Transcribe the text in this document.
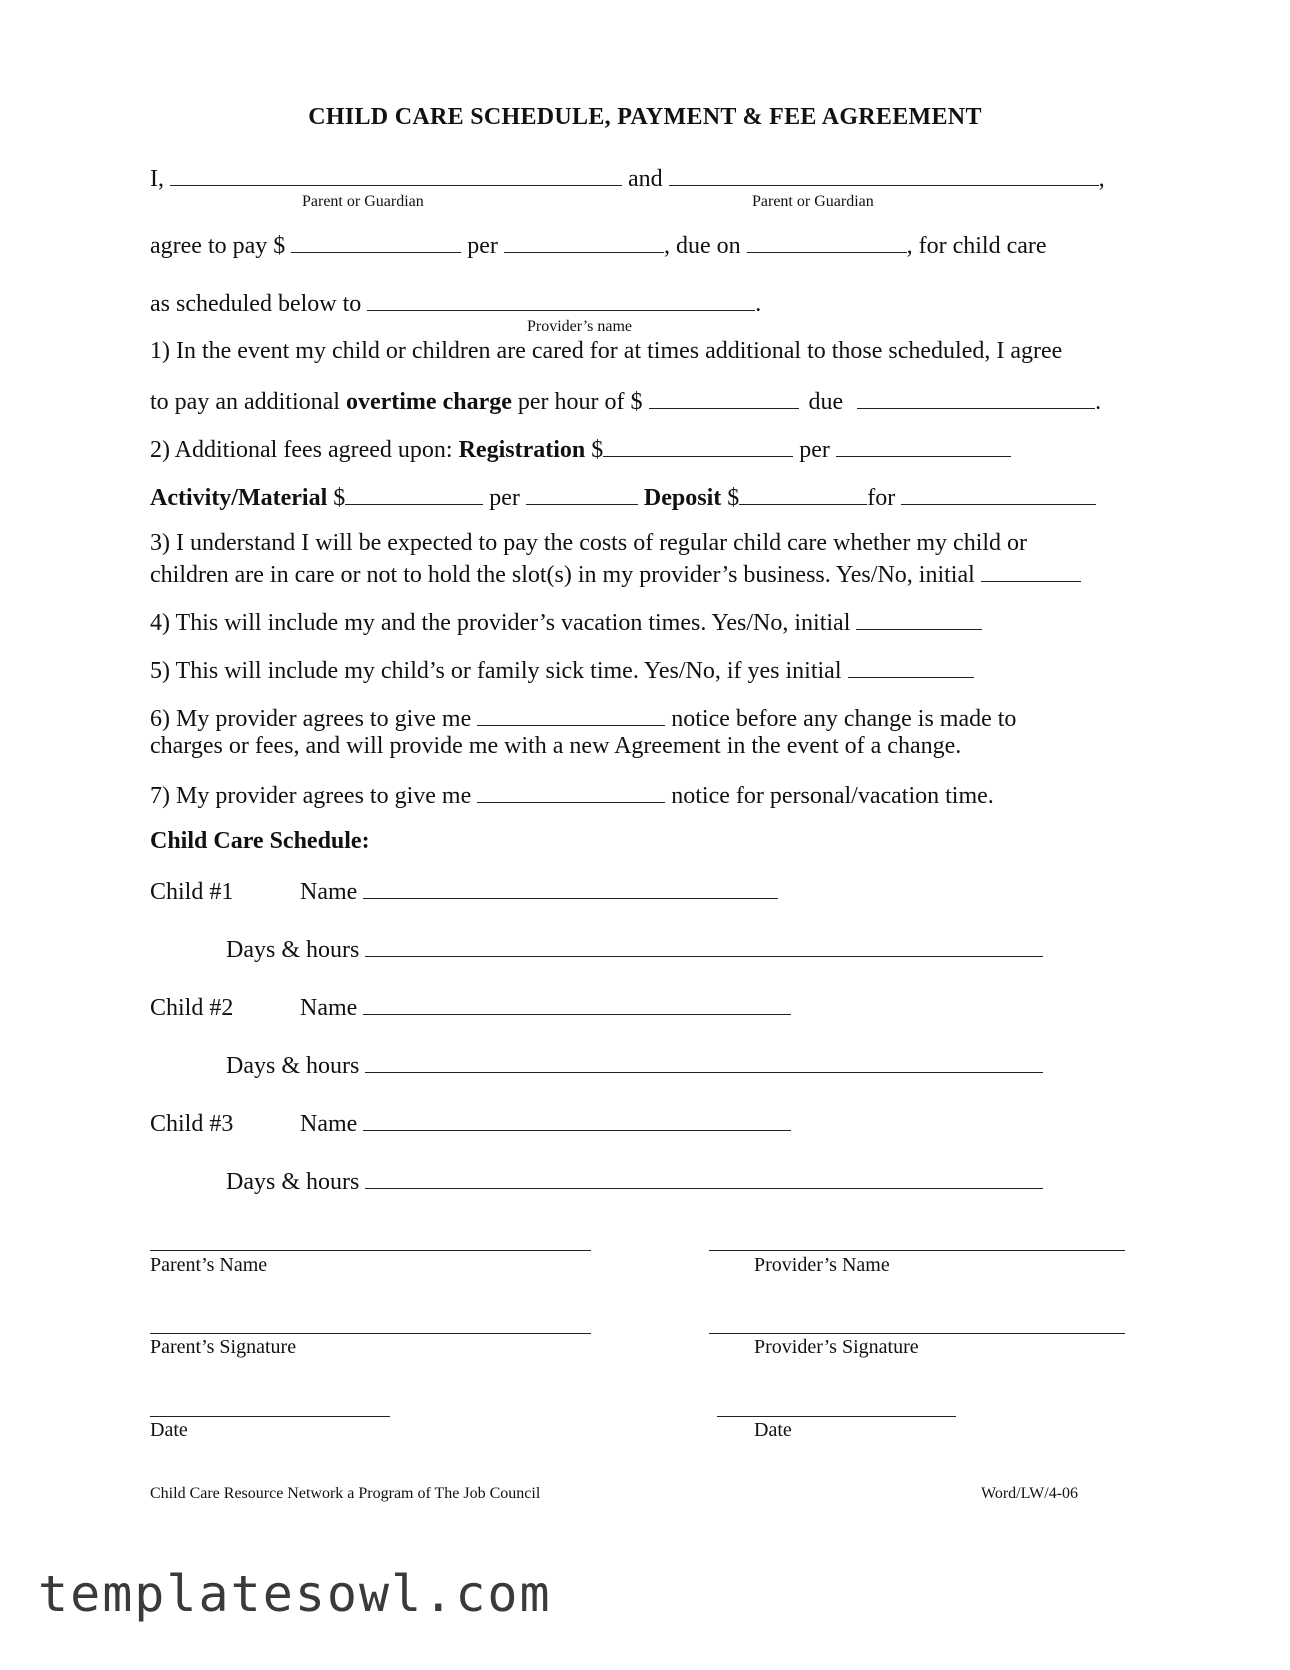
CHILD CARE SCHEDULE, PAYMENT & FEE AGREEMENT
I,	and	,
Parent or Guardian	Parent or Guardian
agree to pay $	per	, due on	, for child care
as scheduled below to	.
Provider’s name
1) In the event my child or children are cared for at times additional to those scheduled, I agree
to pay an additional overtime charge per hour of $	due	.
2) Additional fees agreed upon: Registration $	per
Activity/Material $	per	Deposit $	for
3) I understand I will be expected to pay the costs of regular child care whether my child or
children are in care or not to hold the slot(s) in my provider’s business. Yes/No, initial
4) This will include my and the provider’s vacation times. Yes/No, initial
5) This will include my child’s or family sick time. Yes/No, if yes initial
6) My provider agrees to give me	notice before any change is made to
charges or fees, and will provide me with a new Agreement in the event of a change.
7) My provider agrees to give me	notice for personal/vacation time.
Child Care Schedule:
Child #1	Name
Days & hours
Child #2	Name
Days & hours
Child #3	Name
Days & hours
Parent’s Name	Provider’s Name
Parent’s Signature	Provider’s Signature
Date	Date
Child Care Resource Network a Program of The Job Council	Word/LW/4-06
templatesowl.com
